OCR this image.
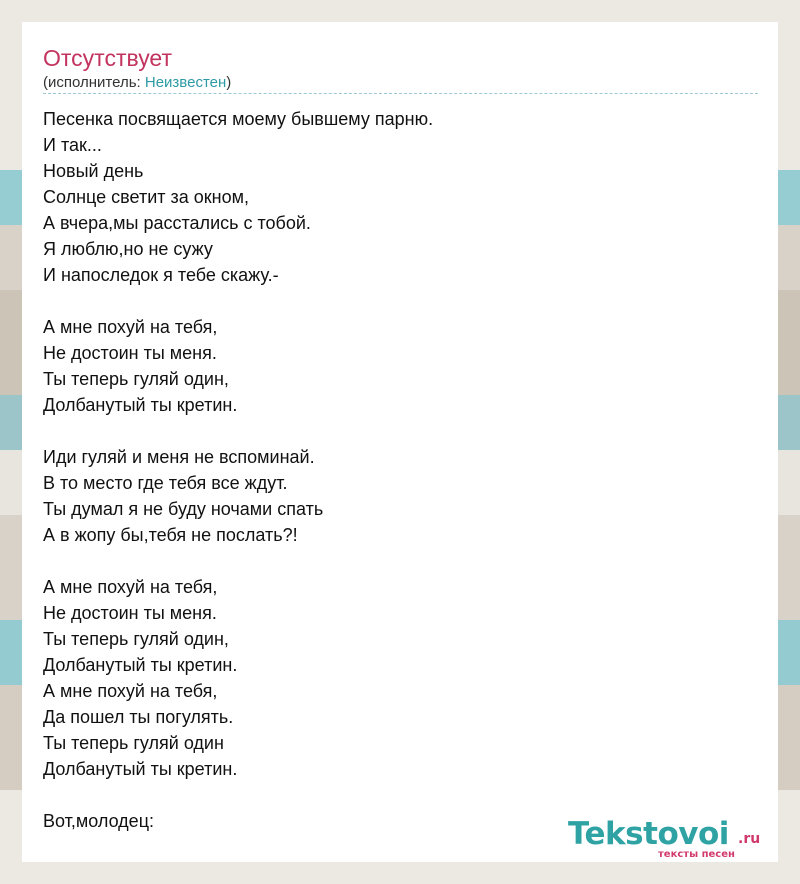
Отсутствует
(исполнитель: Неизвестен)
Песенка посвящается моему бывшему парню.
И так...
Новый день
Солнце светит за окном,
А вчера,мы расстались с тобой.
Я люблю,но не сужу
И напоследок я тебе скажу.-

А мне похуй на тебя,
Не достоин ты меня.
Ты теперь гуляй один,
Долбанутый ты кретин.

Иди гуляй и меня не вспоминай.
В то место где тебя все ждут.
Ты думал я не буду ночами спать
А в жопу бы,тебя не послать?!

А мне похуй на тебя,
Не достоин ты меня.
Ты теперь гуляй один,
Долбанутый ты кретин.
А мне похуй на тебя,
Да пошел ты погулять.
Ты теперь гуляй один
Долбанутый ты кретин.

Вот,молодец:	Tekstovoi .ru
тексты песен
